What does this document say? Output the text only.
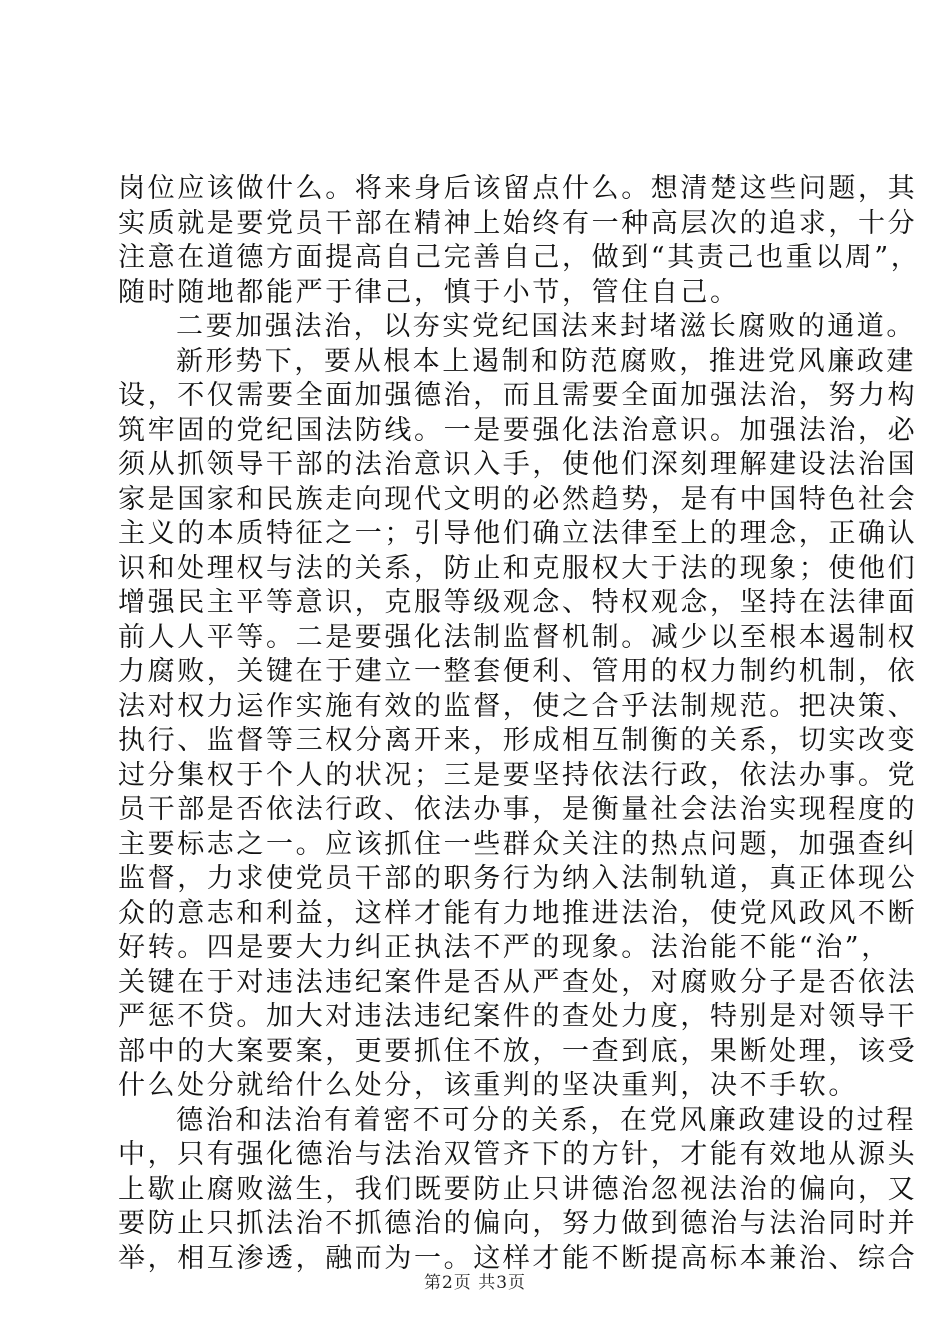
岗位应该做什么。将来身后该留点什么。想清楚这些问题，其
实质就是要党员干部在精神上始终有一种高层次的追求，十分
注意在道德方面提高自己完善自己，做到“其责己也重以周”，
随时随地都能严于律己，慎于小节，管住自己。
二要加强法治，以夯实党纪国法来封堵滋长腐败的通道。
新形势下，要从根本上遏制和防范腐败，推进党风廉政建
设，不仅需要全面加强德治，而且需要全面加强法治，努力构
筑牢固的党纪国法防线。一是要强化法治意识。加强法治，必
须从抓领导干部的法治意识入手，使他们深刻理解建设法治国
家是国家和民族走向现代文明的必然趋势，是有中国特色社会
主义的本质特征之一；引导他们确立法律至上的理念，正确认
识和处理权与法的关系，防止和克服权大于法的现象；使他们
增强民主平等意识，克服等级观念、特权观念，坚持在法律面
前人人平等。二是要强化法制监督机制。减少以至根本遏制权
力腐败，关键在于建立一整套便利、管用的权力制约机制，依
法对权力运作实施有效的监督，使之合乎法制规范。把决策、
执行、监督等三权分离开来，形成相互制衡的关系，切实改变
过分集权于个人的状况；三是要坚持依法行政，依法办事。党
员干部是否依法行政、依法办事，是衡量社会法治实现程度的
主要标志之一。应该抓住一些群众关注的热点问题，加强查纠
监督，力求使党员干部的职务行为纳入法制轨道，真正体现公
众的意志和利益，这样才能有力地推进法治，使党风政风不断
好转。四是要大力纠正执法不严的现象。法治能不能“治”，
关键在于对违法违纪案件是否从严查处，对腐败分子是否依法
严惩不贷。加大对违法违纪案件的查处力度，特别是对领导干
部中的大案要案，更要抓住不放，一查到底，果断处理，该受
什么处分就给什么处分，该重判的坚决重判，决不手软。
德治和法治有着密不可分的关系，在党风廉政建设的过程
中，只有强化德治与法治双管齐下的方针，才能有效地从源头
上歇止腐败滋生，我们既要防止只讲德治忽视法治的偏向，又
要防止只抓法治不抓德治的偏向，努力做到德治与法治同时并
举，相互渗透，融而为一。这样才能不断提高标本兼治、综合
第2页 共3页
